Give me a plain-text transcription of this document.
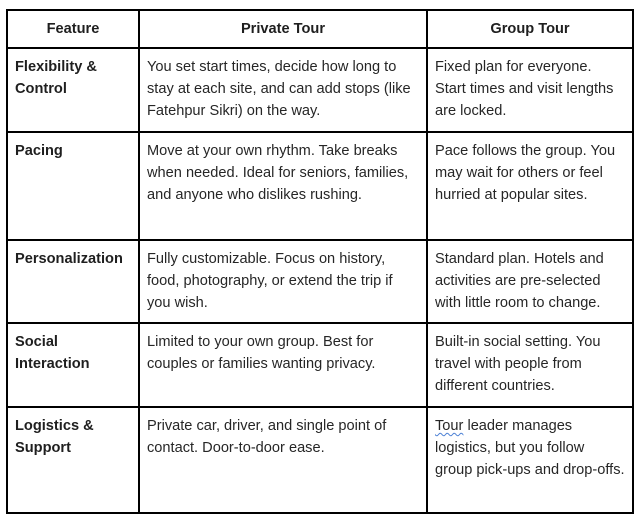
Feature	Private Tour	Group Tour
Flexibility & Control	You set start times, decide how long to stay at each site, and can add stops (like Fatehpur Sikri) on the way.	Fixed plan for everyone. Start times and visit lengths are locked.
Pacing	Move at your own rhythm. Take breaks when needed. Ideal for seniors, families, and anyone who dislikes rushing.	Pace follows the group. You may wait for others or feel hurried at popular sites.
Personalization	Fully customizable. Focus on history, food, photography, or extend the trip if you wish.	Standard plan. Hotels and activities are pre-selected with little room to change.
Social Interaction	Limited to your own group. Best for couples or families wanting privacy.	Built-in social setting. You travel with people from different countries.
Logistics & Support	Private car, driver, and single point of contact. Door-to-door ease.	Tour leader manages logistics, but you follow group pick-ups and drop-offs.
